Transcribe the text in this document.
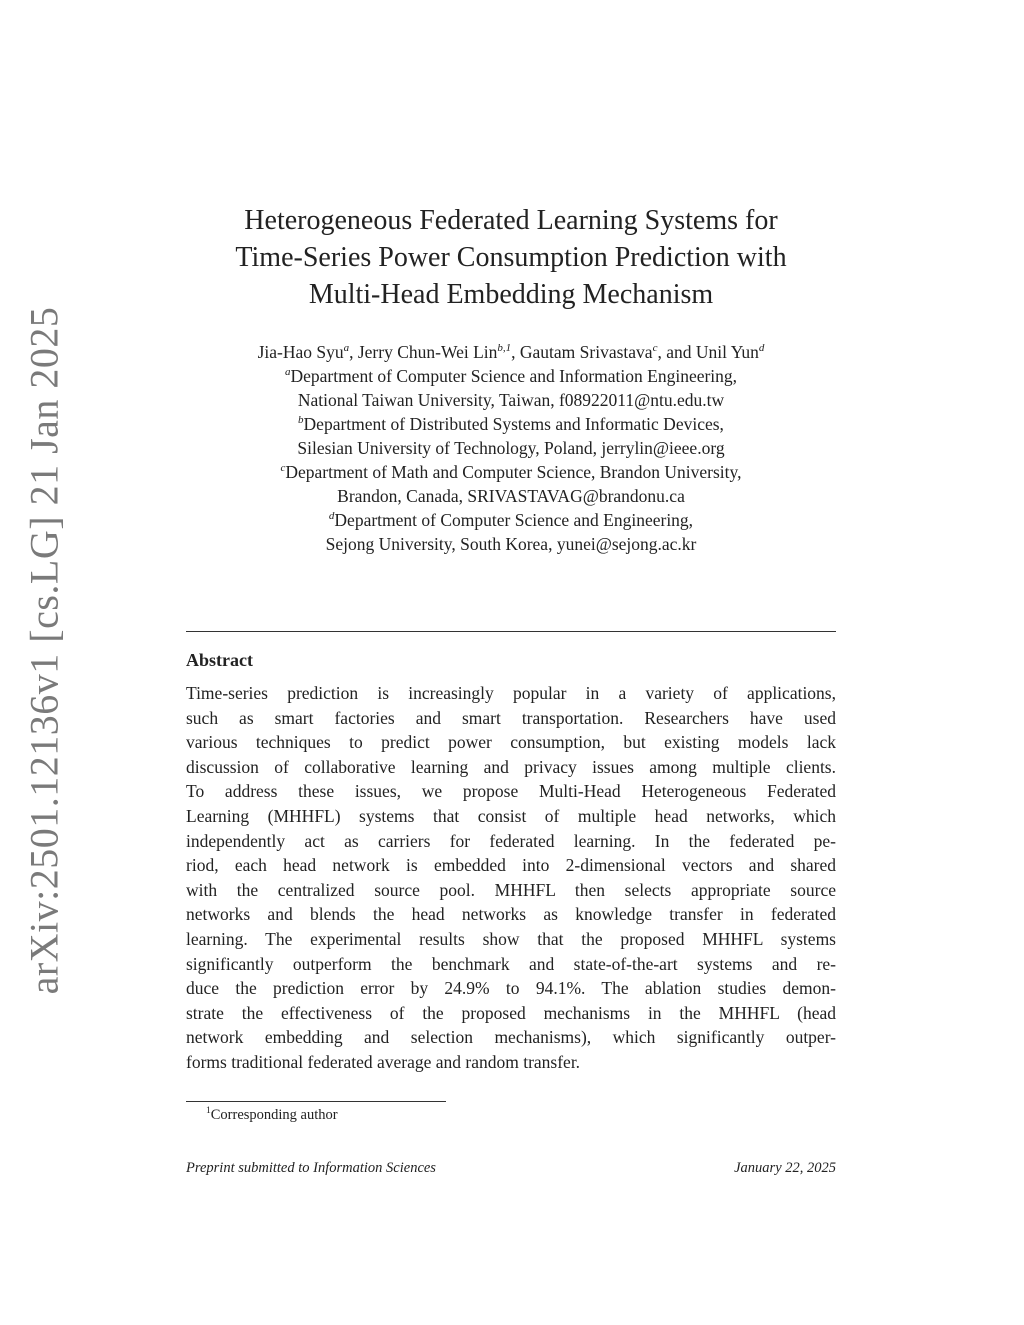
arXiv:2501.12136v1 [cs.LG] 21 Jan 2025
Heterogeneous Federated Learning Systems for
Time-Series Power Consumption Prediction with
Multi-Head Embedding Mechanism
Jia-Hao Syu$^a$, Jerry Chun-Wei Lin$^{b,1}$, Gautam Srivastava$^c$, and Unil Yun$^d$
$^a$Department of Computer Science and Information Engineering,
National Taiwan University, Taiwan, f08922011@ntu.edu.tw
$^b$Department of Distributed Systems and Informatic Devices,
Silesian University of Technology, Poland, jerrylin@ieee.org
$^c$Department of Math and Computer Science, Brandon University,
Brandon, Canada, SRIVASTAVAG@brandonu.ca
$^d$Department of Computer Science and Engineering,
Sejong University, South Korea, yunei@sejong.ac.kr
Abstract
Time-series prediction is increasingly popular in a variety of applications,
such as smart factories and smart transportation. Researchers have used
various techniques to predict power consumption, but existing models lack
discussion of collaborative learning and privacy issues among multiple clients.
To address these issues, we propose Multi-Head Heterogeneous Federated
Learning (MHHFL) systems that consist of multiple head networks, which
independently act as carriers for federated learning. In the federated pe-
riod, each head network is embedded into 2-dimensional vectors and shared
with the centralized source pool. MHHFL then selects appropriate source
networks and blends the head networks as knowledge transfer in federated
learning. The experimental results show that the proposed MHHFL systems
significantly outperform the benchmark and state-of-the-art systems and re-
duce the prediction error by 24.9% to 94.1%. The ablation studies demon-
strate the effectiveness of the proposed mechanisms in the MHHFL (head
network embedding and selection mechanisms), which significantly outper-
forms traditional federated average and random transfer.
$^1$Corresponding author
Preprint submitted to Information Sciences	January 22, 2025
